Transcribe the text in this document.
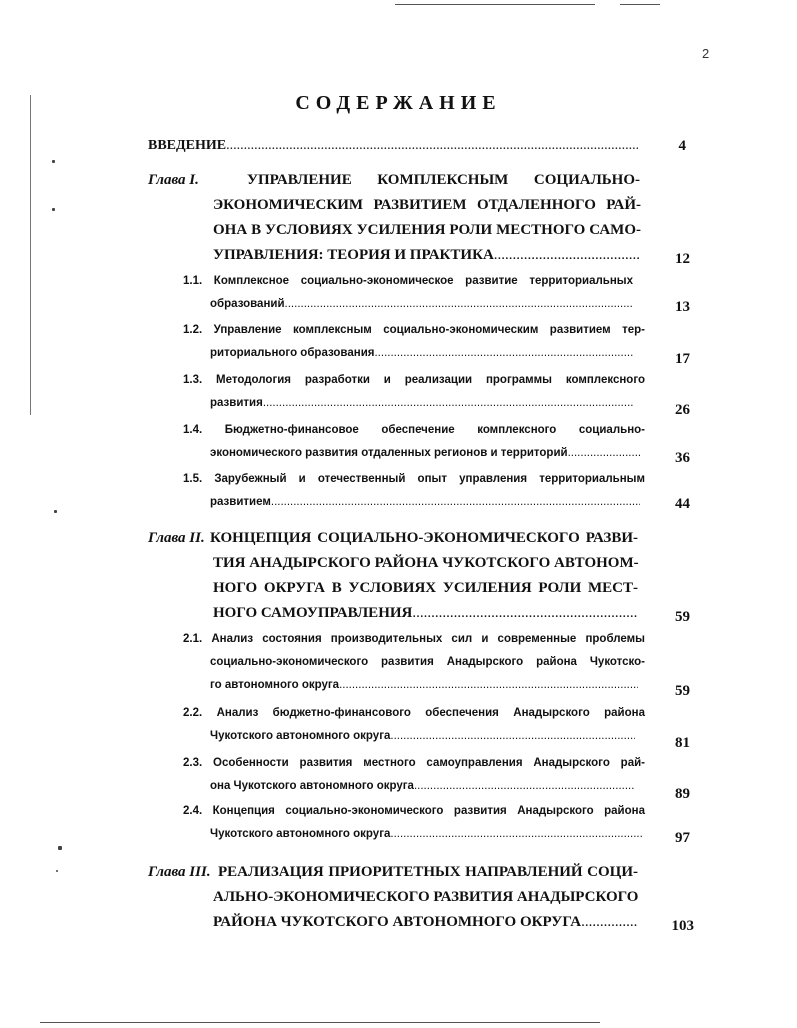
2
СОДЕРЖАНИЕ
ВВЕДЕНИЕ .....	4
Глава I.	УПРАВЛЕНИЕ КОМПЛЕКСНЫМ СОЦИАЛЬНО-
ЭКОНОМИЧЕСКИМ РАЗВИТИЕМ ОТДАЛЕННОГО РАЙ-
ОНА В УСЛОВИЯХ УСИЛЕНИЯ РОЛИ МЕСТНОГО САМО-
УПРАВЛЕНИЯ: ТЕОРИЯ И ПРАКТИКА .....	12
1.1. Комплексное социально-экономическое развитие территориальных
образований .....	13
1.2. Управление комплексным социально-экономическим развитием тер-
риториального образования .....	17
1.3. Методология разработки и реализации программы комплексного
развития .....	26
1.4. Бюджетно-финансовое обеспечение комплексного социально-
экономического развития отдаленных регионов и территорий .....	36
1.5. Зарубежный и отечественный опыт управления территориальным
развитием .....	44
Глава II. КОНЦЕПЦИЯ СОЦИАЛЬНО-ЭКОНОМИЧЕСКОГО РАЗВИ-
ТИЯ АНАДЫРСКОГО РАЙОНА ЧУКОТСКОГО АВТОНОМ-
НОГО ОКРУГА В УСЛОВИЯХ УСИЛЕНИЯ РОЛИ МЕСТ-
НОГО САМОУПРАВЛЕНИЯ .....	59
2.1. Анализ состояния производительных сил и современные проблемы
социально-экономического развития Анадырского района Чукотско-
го автономного округа .....	59
2.2. Анализ бюджетно-финансового обеспечения Анадырского района
Чукотского автономного округа .....	81
2.3. Особенности развития местного самоуправления Анадырского рай-
она Чукотского автономного округа .....	89
2.4. Концепция социально-экономического развития Анадырского района
Чукотского автономного округа .....	97
Глава III. РЕАЛИЗАЦИЯ ПРИОРИТЕТНЫХ НАПРАВЛЕНИЙ СОЦИ-
АЛЬНО-ЭКОНОМИЧЕСКОГО РАЗВИТИЯ АНАДЫРСКОГО
РАЙОНА ЧУКОТСКОГО АВТОНОМНОГО ОКРУГА .....	103
